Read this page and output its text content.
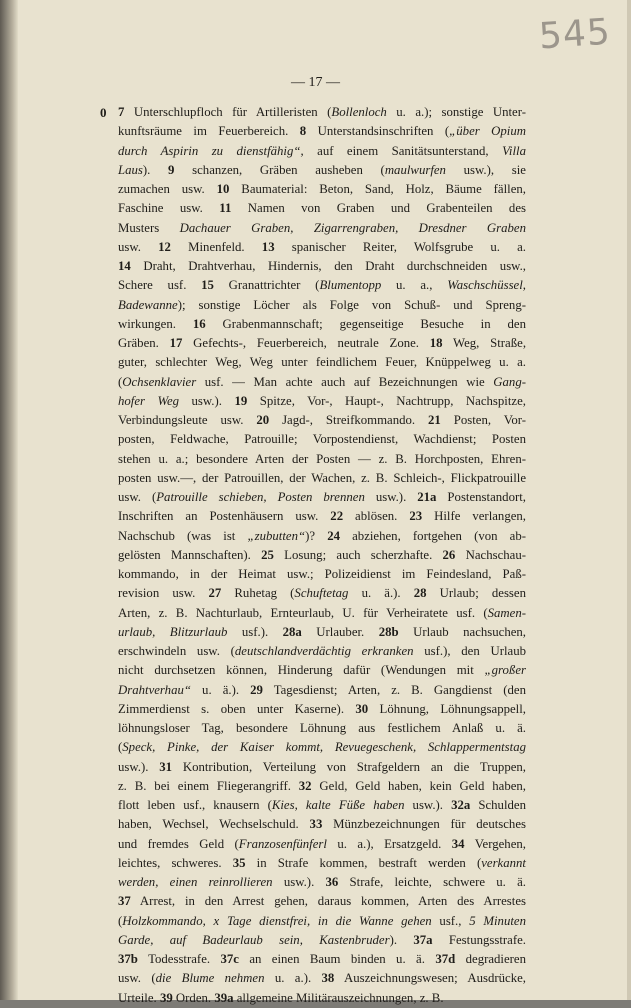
545
— 17 —
0 7 Unterschlupfloch für Artilleristen (Bollenloch u. a.); sonstige Unter-
kunftsräume im Feuerbereich. 8 Unterstandsinschriften („über Opium
durch Aspirin zu dienstfähig“, auf einem Sanitätsunterstand, Villa
Laus). 9 schanzen, Gräben ausheben (maulwurfen usw.), sie
zumachen usw. 10 Baumaterial: Beton, Sand, Holz, Bäume fällen,
Faschine usw. 11 Namen von Graben und Grabenteilen des
Musters Dachauer Graben, Zigarrengraben, Dresdner Graben
usw. 12 Minenfeld. 13 spanischer Reiter, Wolfsgrube u. a.
14 Draht, Drahtverhau, Hindernis, den Draht durchschneiden usw.,
Schere usf. 15 Granattrichter (Blumentopp u. a., Waschschüssel,
Badewanne); sonstige Löcher als Folge von Schuß- und Spreng-
wirkungen. 16 Grabenmannschaft; gegenseitige Besuche in den
Gräben. 17 Gefechts-, Feuerbereich, neutrale Zone. 18 Weg, Straße,
guter, schlechter Weg, Weg unter feindlichem Feuer, Knüppelweg u. a.
(Ochsenklavier usf. — Man achte auch auf Bezeichnungen wie Gang-
hofer Weg usw.). 19 Spitze, Vor-, Haupt-, Nachtrupp, Nachspitze,
Verbindungsleute usw. 20 Jagd-, Streifkommando. 21 Posten, Vor-
posten, Feldwache, Patrouille; Vorpostendienst, Wachdienst; Posten
stehen u. a.; besondere Arten der Posten — z. B. Horchposten, Ehren-
posten usw.—, der Patrouillen, der Wachen, z. B. Schleich-, Flickpatrouille
usw. (Patrouille schieben, Posten brennen usw.). 21a Postenstandort,
Inschriften an Postenhäusern usw. 22 ablösen. 23 Hilfe verlangen,
Nachschub (was ist „zubutten“)? 24 abziehen, fortgehen (von ab-
gelösten Mannschaften). 25 Losung; auch scherzhafte. 26 Nachschau-
kommando, in der Heimat usw.; Polizeidienst im Feindesland, Paß-
revision usw. 27 Ruhetag (Schuftetag u. ä.). 28 Urlaub; dessen
Arten, z. B. Nachturlaub, Ernteurlaub, U. für Verheiratete usf. (Samen-
urlaub, Blitzurlaub usf.). 28a Urlauber. 28b Urlaub nachsuchen,
erschwindeln usw. (deutschlandverdächtig erkranken usf.), den Urlaub
nicht durchsetzen können, Hinderung dafür (Wendungen mit „großer
Drahtverhau“ u. ä.). 29 Tagesdienst; Arten, z. B. Gangdienst (den
Zimmerdienst s. oben unter Kaserne). 30 Löhnung, Löhnungsappell,
löhnungsloser Tag, besondere Löhnung aus festlichem Anlaß u. ä.
(Speck, Pinke, der Kaiser kommt, Revuegeschenk, Schlappermentstag
usw.). 31 Kontribution, Verteilung von Strafgeldern an die Truppen,
z. B. bei einem Fliegerangriff. 32 Geld, Geld haben, kein Geld haben,
flott leben usf., knausern (Kies, kalte Füße haben usw.). 32a Schulden
haben, Wechsel, Wechselschuld. 33 Münzbezeichnungen für deutsches
und fremdes Geld (Franzosenfünferl u. a.), Ersatzgeld. 34 Vergehen,
leichtes, schweres. 35 in Strafe kommen, bestraft werden (verkannt
werden, einen reinrollieren usw.). 36 Strafe, leichte, schwere u. ä.
37 Arrest, in den Arrest gehen, daraus kommen, Arten des Arrestes
(Holzkommando, x Tage dienstfrei, in die Wanne gehen usf., 5 Minuten
Garde, auf Badeurlaub sein, Kastenbruder). 37a Festungsstrafe.
37b Todesstrafe. 37c an einen Baum binden u. ä. 37d degradieren
usw. (die Blume nehmen u. a.). 38 Auszeichnungswesen; Ausdrücke,
Urteile. 39 Orden. 39a allgemeine Militärauszeichnungen, z. B.
